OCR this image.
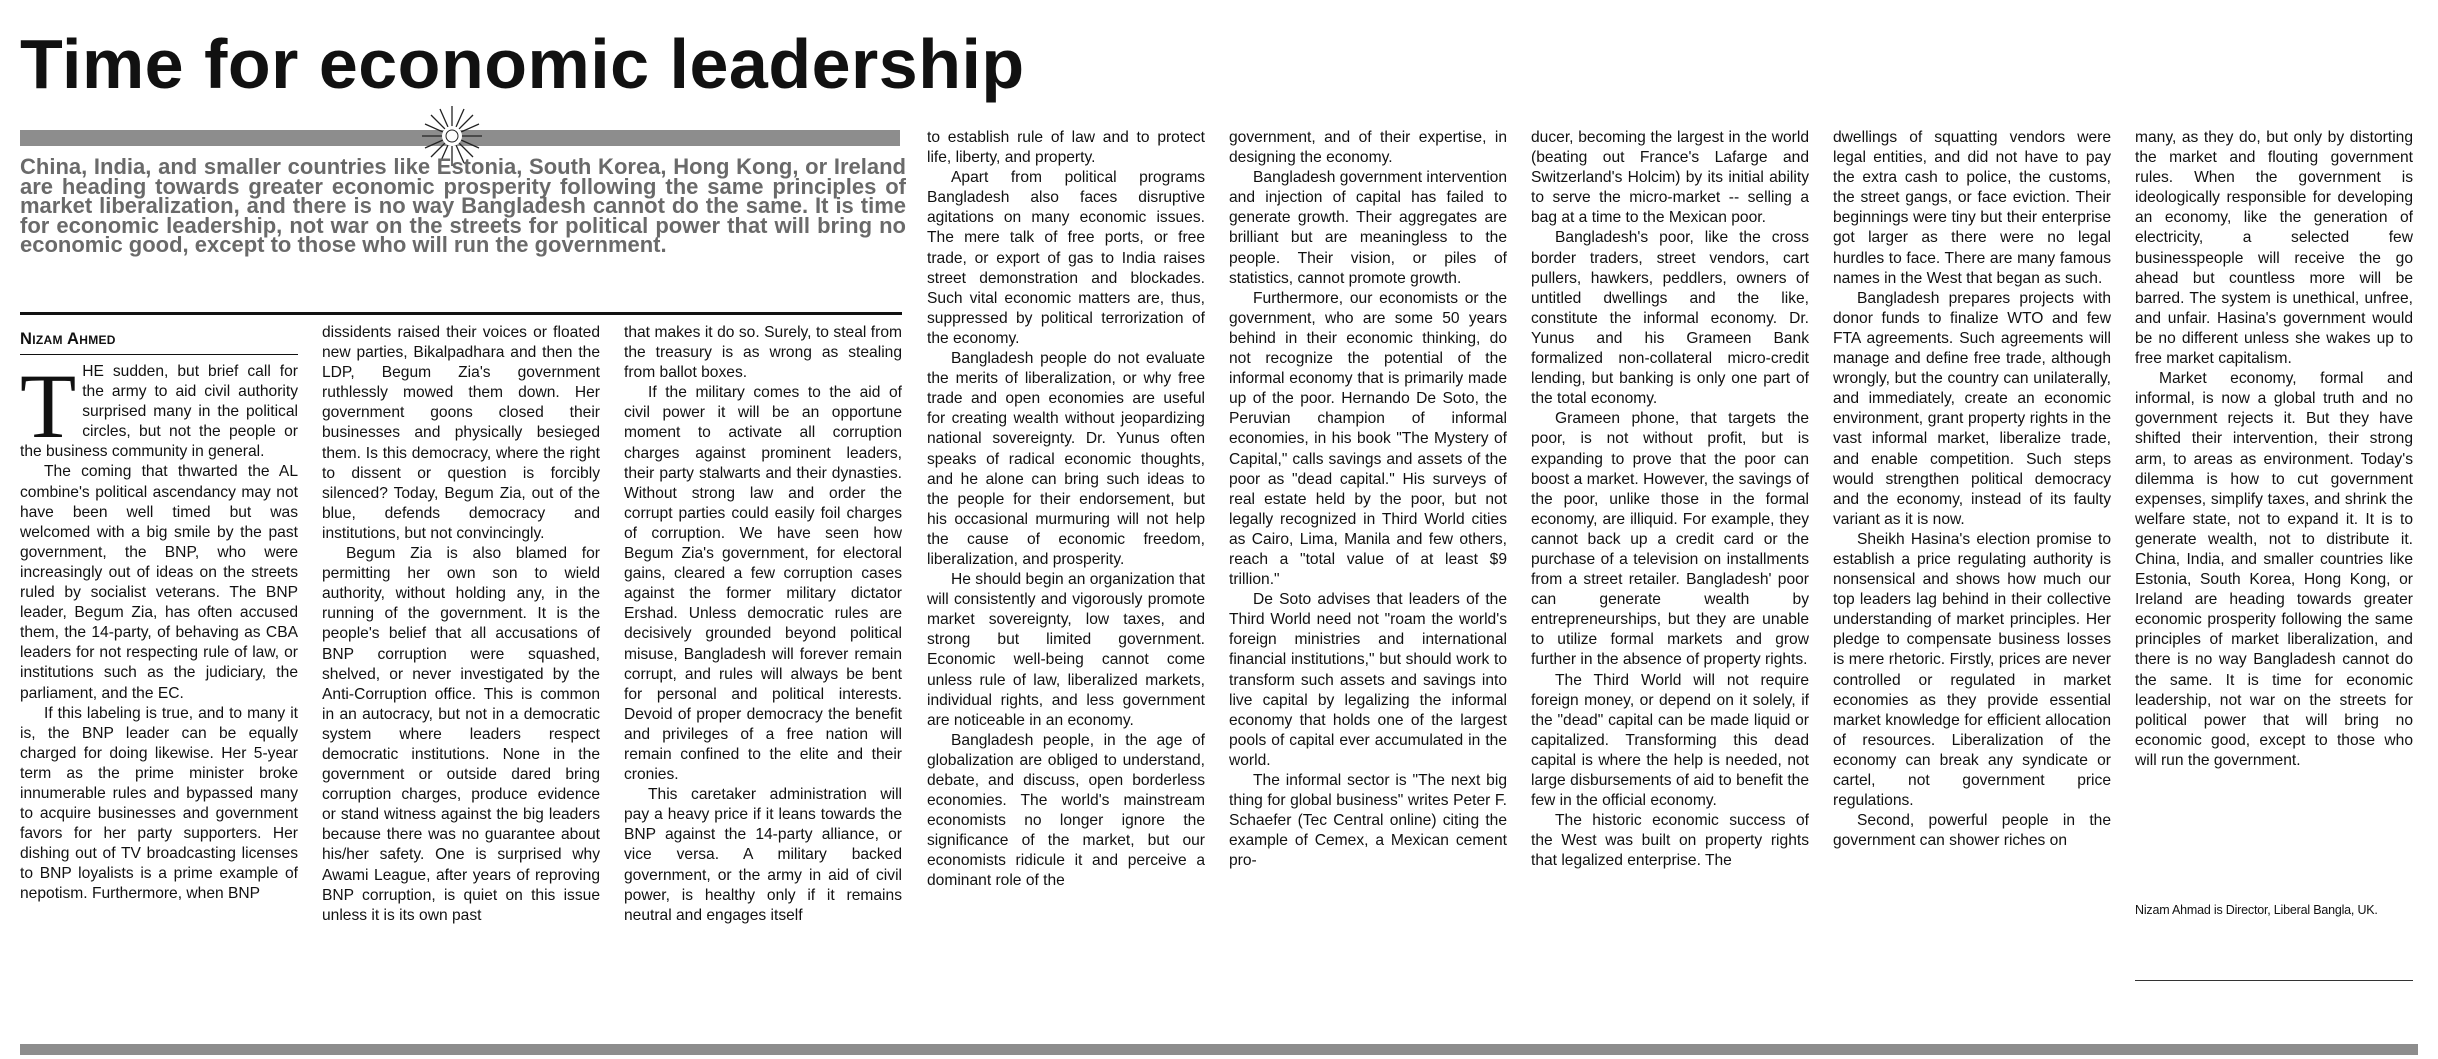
Time for economic leadership

China, India, and smaller countries like Estonia, South Korea, Hong Kong, or Ireland are heading towards greater economic prosperity following the same principles of market liberalization, and there is no way Bangladesh cannot do the same. It is time for economic leadership, not war on the streets for political power that will bring no economic good, except to those who will run the government.

Nizam Ahmed

THE sudden, but brief call for the army to aid civil authority surprised many in the political circles, but not the people or the business community in general.

The coming that thwarted the AL combine's political ascendancy may not have been well timed but was welcomed with a big smile by the past government, the BNP, who were increasingly out of ideas on the streets ruled by socialist veterans. The BNP leader, Begum Zia, has often accused them, the 14-party, of behaving as CBA leaders for not respecting rule of law, or institutions such as the judiciary, the parliament, and the EC.

If this labeling is true, and to many it is, the BNP leader can be equally charged for doing likewise. Her 5-year term as the prime minister broke innumerable rules and bypassed many to acquire businesses and government favors for her party supporters. Her dishing out of TV broadcasting licenses to BNP loyalists is a prime example of nepotism. Furthermore, when BNP

dissidents raised their voices or floated new parties, Bikalpadhara and then the LDP, Begum Zia's government ruthlessly mowed them down. Her government goons closed their businesses and physically besieged them. Is this democracy, where the right to dissent or question is forcibly silenced? Today, Begum Zia, out of the blue, defends democracy and institutions, but not convincingly.

Begum Zia is also blamed for permitting her own son to wield authority, without holding any, in the running of the government. It is the people's belief that all accusations of BNP corruption were squashed, shelved, or never investigated by the Anti-Corruption office. This is common in an autocracy, but not in a democratic system where leaders respect democratic institutions. None in the government or outside dared bring corruption charges, produce evidence or stand witness against the big leaders because there was no guarantee about his/her safety. One is surprised why Awami League, after years of reproving BNP corruption, is quiet on this issue unless it is its own past

that makes it do so. Surely, to steal from the treasury is as wrong as stealing from ballot boxes.

If the military comes to the aid of civil power it will be an opportune moment to activate all corruption charges against prominent leaders, their party stalwarts and their dynasties. Without strong law and order the corrupt parties could easily foil charges of corruption. We have seen how Begum Zia's government, for electoral gains, cleared a few corruption cases against the former military dictator Ershad. Unless democratic rules are decisively grounded beyond political misuse, Bangladesh will forever remain corrupt, and rules will always be bent for personal and political interests. Devoid of proper democracy the benefit and privileges of a free nation will remain confined to the elite and their cronies.

This caretaker administration will pay a heavy price if it leans towards the BNP against the 14-party alliance, or vice versa. A military backed government, or the army in aid of civil power, is healthy only if it remains neutral and engages itself

to establish rule of law and to protect life, liberty, and property.

Apart from political programs Bangladesh also faces disruptive agitations on many economic issues. The mere talk of free ports, or free trade, or export of gas to India raises street demonstration and blockades. Such vital economic matters are, thus, suppressed by political terrorization of the economy.

Bangladesh people do not evaluate the merits of liberalization, or why free trade and open economies are useful for creating wealth without jeopardizing national sovereignty. Dr. Yunus often speaks of radical economic thoughts, and he alone can bring such ideas to the people for their endorsement, but his occasional murmuring will not help the cause of economic freedom, liberalization, and prosperity.

He should begin an organization that will consistently and vigorously promote market sovereignty, low taxes, and strong but limited government. Economic well-being cannot come unless rule of law, liberalized markets, individual rights, and less government are noticeable in an economy.

Bangladesh people, in the age of globalization are obliged to understand, debate, and discuss, open borderless economies. The world's mainstream economists no longer ignore the significance of the market, but our economists ridicule it and perceive a dominant role of the

government, and of their expertise, in designing the economy.

Bangladesh government intervention and injection of capital has failed to generate growth. Their aggregates are brilliant but are meaningless to the people. Their vision, or piles of statistics, cannot promote growth.

Furthermore, our economists or the government, who are some 50 years behind in their economic thinking, do not recognize the potential of the informal economy that is primarily made up of the poor. Hernando De Soto, the Peruvian champion of informal economies, in his book "The Mystery of Capital," calls savings and assets of the poor as "dead capital." His surveys of real estate held by the poor, but not legally recognized in Third World cities as Cairo, Lima, Manila and few others, reach a "total value of at least $9 trillion."

De Soto advises that leaders of the Third World need not "roam the world's foreign ministries and international financial institutions," but should work to transform such assets and savings into live capital by legalizing the informal economy that holds one of the largest pools of capital ever accumulated in the world.

The informal sector is "The next big thing for global business" writes Peter F. Schaefer (Tec Central online) citing the example of Cemex, a Mexican cement pro-

ducer, becoming the largest in the world (beating out France's Lafarge and Switzerland's Holcim) by its initial ability to serve the micro-market -- selling a bag at a time to the Mexican poor.

Bangladesh's poor, like the cross border traders, street vendors, cart pullers, hawkers, peddlers, owners of untitled dwellings and the like, constitute the informal economy. Dr. Yunus and his Grameen Bank formalized non-collateral micro-credit lending, but banking is only one part of the total economy.

Grameen phone, that targets the poor, is not without profit, but is expanding to prove that the poor can boost a market. However, the savings of the poor, unlike those in the formal economy, are illiquid. For example, they cannot back up a credit card or the purchase of a television on installments from a street retailer. Bangladesh' poor can generate wealth by entrepreneurships, but they are unable to utilize formal markets and grow further in the absence of property rights.

The Third World will not require foreign money, or depend on it solely, if the "dead" capital can be made liquid or capitalized. Transforming this dead capital is where the help is needed, not large disbursements of aid to benefit the few in the official economy.

The historic economic success of the West was built on property rights that legalized enterprise. The

dwellings of squatting vendors were legal entities, and did not have to pay the extra cash to police, the customs, the street gangs, or face eviction. Their beginnings were tiny but their enterprise got larger as there were no legal hurdles to face. There are many famous names in the West that began as such.

Bangladesh prepares projects with donor funds to finalize WTO and few FTA agreements. Such agreements will manage and define free trade, although wrongly, but the country can unilaterally, and immediately, create an economic environment, grant property rights in the vast informal market, liberalize trade, and enable competition. Such steps would strengthen political democracy and the economy, instead of its faulty variant as it is now.

Sheikh Hasina's election promise to establish a price regulating authority is nonsensical and shows how much our top leaders lag behind in their collective understanding of market principles. Her pledge to compensate business losses is mere rhetoric. Firstly, prices are never controlled or regulated in market economies as they provide essential market knowledge for efficient allocation of resources. Liberalization of the economy can break any syndicate or cartel, not government price regulations.

Second, powerful people in the government can shower riches on

many, as they do, but only by distorting the market and flouting government rules. When the government is ideologically responsible for developing an economy, like the generation of electricity, a selected few businesspeople will receive the go ahead but countless more will be barred. The system is unethical, unfree, and unfair. Hasina's government would be no different unless she wakes up to free market capitalism.

Market economy, formal and informal, is now a global truth and no government rejects it. But they have shifted their intervention, their strong arm, to areas as environment. Today's dilemma is how to cut government expenses, simplify taxes, and shrink the welfare state, not to expand it. It is to generate wealth, not to distribute it. China, India, and smaller countries like Estonia, South Korea, Hong Kong, or Ireland are heading towards greater economic prosperity following the same principles of market liberalization, and there is no way Bangladesh cannot do the same. It is time for economic leadership, not war on the streets for political power that will bring no economic good, except to those who will run the government.

Nizam Ahmad is Director, Liberal Bangla, UK.
